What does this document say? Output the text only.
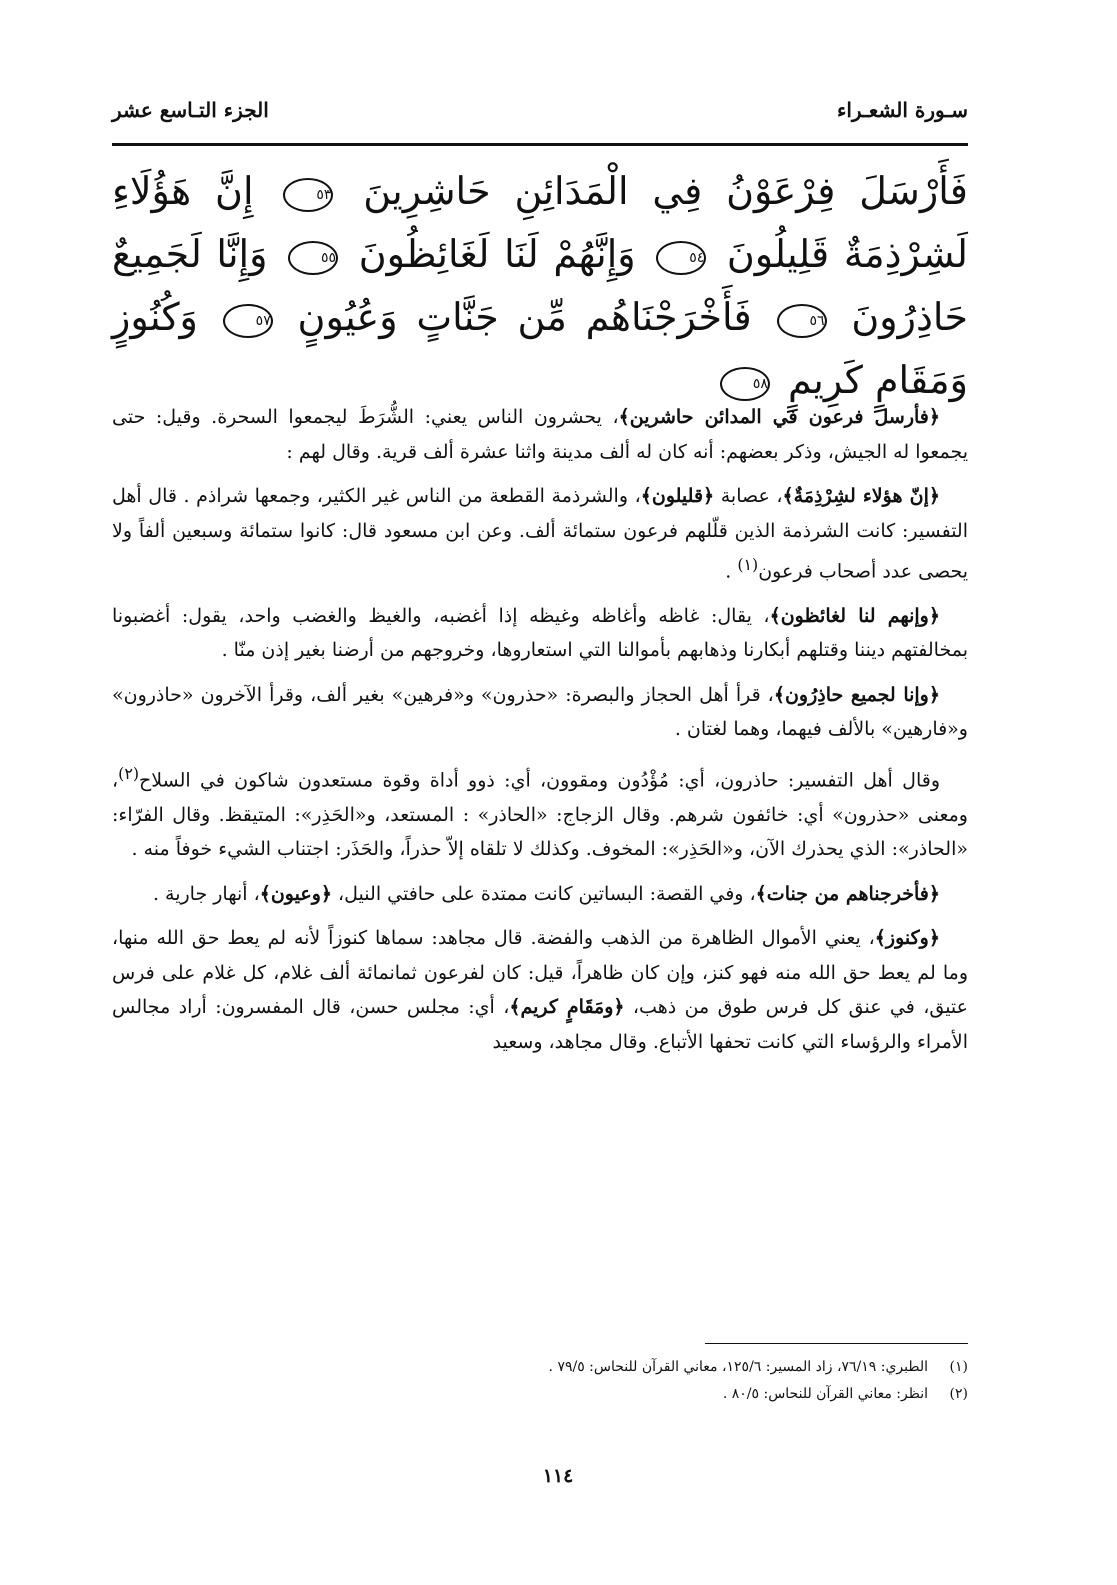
سـورة الشعـراء
الجزء التـاسع عشر
فَأَرْسَلَ فِرْعَوْنُ فِي الْمَدَائِنِ حَاشِرِينَ ٥٣ إِنَّ هَؤُلَاءِ لَشِرْذِمَةٌ قَلِيلُونَ ٥٤ وَإِنَّهُمْ لَنَا لَغَائِظُونَ ٥٥ وَإِنَّا لَجَمِيعٌ حَاذِرُونَ ٥٦ فَأَخْرَجْنَاهُم مِّن جَنَّاتٍ وَعُيُونٍ ٥٧ وَكُنُوزٍ وَمَقَامٍ كَرِيمٍ ٥٨

﴿فأرسل فرعون في المدائن حاشرين﴾، يحشرون الناس يعني: الشُّرَطَ ليجمعوا السحرة. وقيل: حتى يجمعوا له الجيش، وذكر بعضهم: أنه كان له ألف مدينة واثنا عشرة ألف قرية. وقال لهم :

﴿إنّ هؤلاء لشِرْذِمَةٌ﴾، عصابة ﴿قليلون﴾، والشرذمة القطعة من الناس غير الكثير، وجمعها شراذم . قال أهل التفسير: كانت الشرذمة الذين قلّلهم فرعون ستمائة ألف. وعن ابن مسعود قال: كانوا ستمائة وسبعين ألفاً ولا يحصى عدد أصحاب فرعون$^{(١)}$ .

﴿وإنهم لنا لغائظون﴾، يقال: غاظه وأغاظه وغيظه إذا أغضبه، والغيظ والغضب واحد، يقول: أغضبونا بمخالفتهم ديننا وقتلهم أبكارنا وذهابهم بأموالنا التي استعاروها، وخروجهم من أرضنا بغير إذن منّا .

﴿وإنا لجميع حاذِرُون﴾، قرأ أهل الحجاز والبصرة: «حذرون» و«فرهين» بغير ألف، وقرأ الآخرون «حاذرون» و«فارهين» بالألف فيهما، وهما لغتان .

وقال أهل التفسير: حاذرون، أي: مُؤْدُون ومقوون، أي: ذوو أداة وقوة مستعدون شاكون في السلاح$^{(٢)}$، ومعنى «حذرون» أي: خائفون شرهم. وقال الزجاج: «الحاذر» : المستعد، و«الحَذِر»: المتيقظ. وقال الفرّاء: «الحاذر»: الذي يحذرك الآن، و«الحَذِر»: المخوف. وكذلك لا تلقاه إلاّ حذراً، والحَذَر: اجتناب الشيء خوفاً منه .

﴿فأخرجناهم من جنات﴾، وفي القصة: البساتين كانت ممتدة على حافتي النيل، ﴿وعيون﴾، أنهار جارية .

﴿وكنوز﴾، يعني الأموال الظاهرة من الذهب والفضة. قال مجاهد: سماها كنوزاً لأنه لم يعط حق الله منها، وما لم يعط حق الله منه فهو كنز، وإن كان ظاهراً، قيل: كان لفرعون ثمانمائة ألف غلام، كل غلام على فرس عتيق، في عنق كل فرس طوق من ذهب، ﴿ومَقَامٍ كريم﴾، أي: مجلس حسن، قال المفسرون: أراد مجالس الأمراء والرؤساء التي كانت تحفها الأتباع. وقال مجاهد، وسعيد

(١)
الطبري: ٧٦/١٩، زاد المسير: ١٢٥/٦، معاني القرآن للنحاس: ٧٩/٥ .
(٢)
انظر: معاني القرآن للنحاس: ٨٠/٥ .
١١٤
